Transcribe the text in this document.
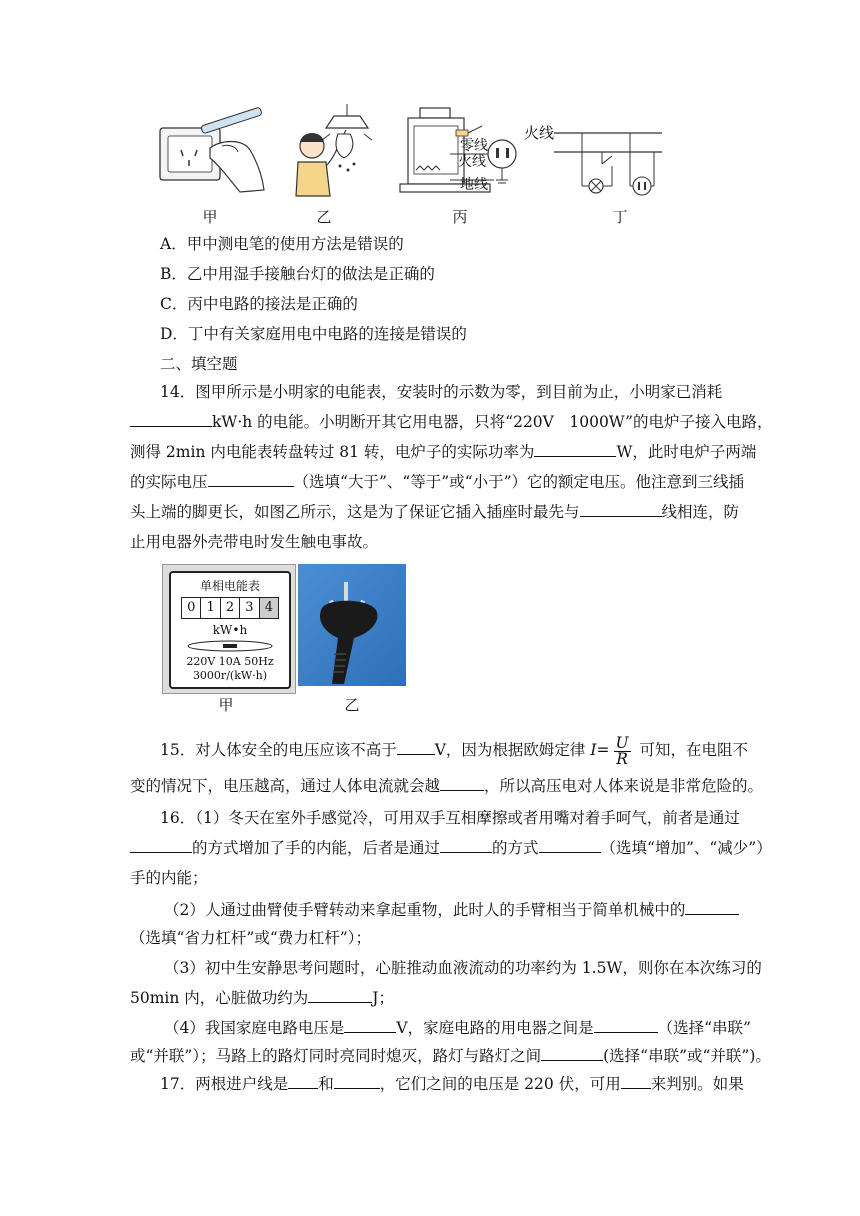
零线
火线
地线
火线
甲	乙	丙	丁
A．甲中测电笔的使用方法是错误的
B．乙中用湿手接触台灯的做法是正确的
C．丙中电路的接法是正确的
D．丁中有关家庭用电中电路的连接是错误的
二、填空题
14．图甲所示是小明家的电能表，安装时的示数为零，到目前为止，小明家已消耗
kW·h 的电能。小明断开其它用电器，只将“220V　1000W”的电炉子接入电路，
测得 2min 内电能表转盘转过 81 转，电炉子的实际功率为	W，此时电炉子两端
的实际电压	（选填“大于”、“等于”或“小于”）它的额定电压。他注意到三线插
头上端的脚更长，如图乙所示，这是为了保证它插入插座时最先与	线相连，防
止用电器外壳带电时发生触电事故。
单相电能表
0 1 2 3 4
kW•h
220V 10A 50Hz
3000r/(kW·h)
甲	乙
15．对人体安全的电压应该不高于 V，因为根据欧姆定律 $I= \frac{U}{R}$ 可知，在电阻不
变的情况下，电压越高，通过人体电流就会越	，所以高压电对人体来说是非常危险的。
16．（1）冬天在室外手感觉冷，可用双手互相摩擦或者用嘴对着手呵气，前者是通过
的方式增加了手的内能，后者是通过	的方式	（选填“增加”、“减少”）
手的内能；
（2）人通过曲臂使手臂转动来拿起重物，此时人的手臂相当于简单机械中的
（选填“省力杠杆”或“费力杠杆”）；
（3）初中生安静思考问题时，心脏推动血液流动的功率约为 1.5W，则你在本次练习的
50min 内，心脏做功约为	J；
（4）我国家庭电路电压是	V，家庭电路的用电器之间是	（选择“串联”
或“并联”）；马路上的路灯同时亮同时熄灭，路灯与路灯之间	(选择“串联”或“并联”)。
17．两根进户线是 和	，它们之间的电压是 220 伏，可用 来判别。如果
